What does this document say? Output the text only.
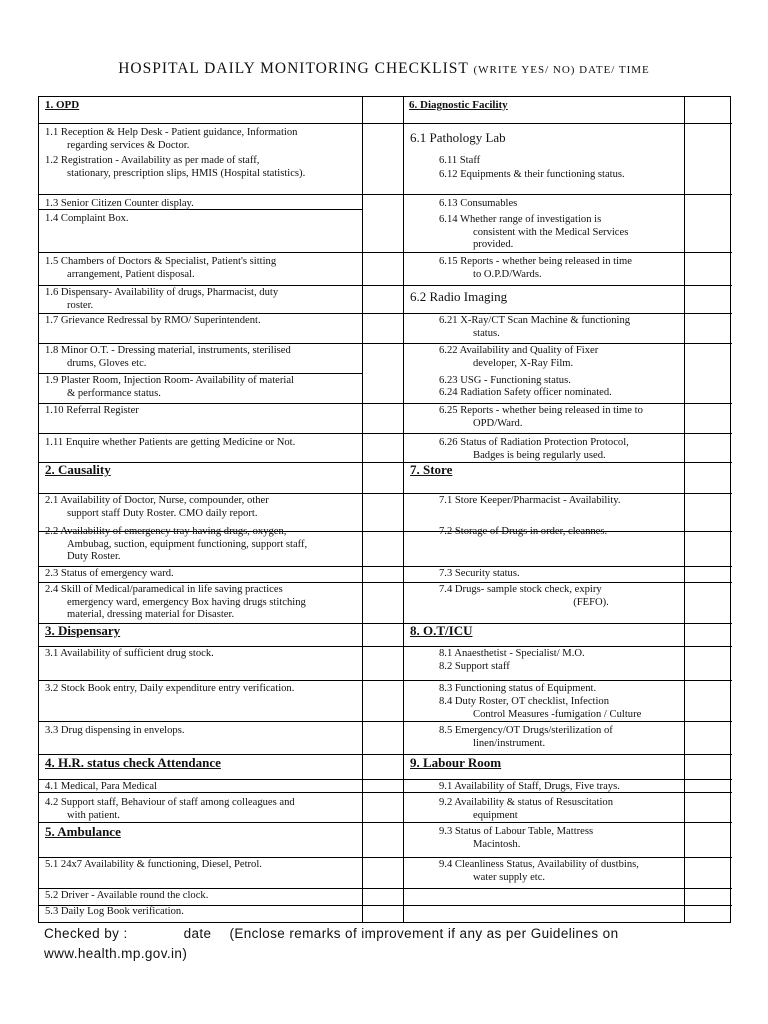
HOSPITAL DAILY MONITORING CHECKLIST (WRITE YES/ NO) DATE/ TIME
1. OPD
1.1 Reception & Help Desk - Patient guidance, Information
regarding services & Doctor.
1.2 Registration - Availability as per made of staff,
stationary, prescription slips, HMIS (Hospital statistics).
1.3 Senior Citizen Counter display.
1.4 Complaint Box.
1.5 Chambers of Doctors & Specialist, Patient's sitting
arrangement, Patient disposal.
1.6 Dispensary- Availability of drugs, Pharmacist, duty
roster.
1.7 Grievance Redressal by RMO/ Superintendent.
1.8 Minor O.T. - Dressing material, instruments, sterilised
drums, Gloves etc.
1.9 Plaster Room, Injection Room- Availability of material
& performance status.
1.10 Referral Register
1.11 Enquire whether Patients are getting Medicine or Not.
2. Causality
2.1 Availability of Doctor, Nurse, compounder, other
support staff Duty Roster. CMO daily report.
2.2 Availability of emergency tray having drugs, oxygen,
Ambubag, suction, equipment functioning, support staff,
Duty Roster.
2.3 Status of emergency ward.
2.4 Skill of Medical/paramedical in life saving practices
emergency ward, emergency Box having drugs stitching
material, dressing material for Disaster.
3. Dispensary
3.1 Availability of sufficient drug stock.
3.2 Stock Book entry, Daily expenditure entry verification.
3.3 Drug dispensing in envelops.
4. H.R. status check Attendance
4.1 Medical, Para Medical
4.2 Support staff, Behaviour of staff among colleagues and
with patient.
5. Ambulance
5.1 24x7 Availability & functioning, Diesel, Petrol.
5.2 Driver - Available round the clock.
5.3 Daily Log Book verification.
6. Diagnostic Facility
6.1 Pathology Lab
6.11 Staff
6.12 Equipments & their functioning status.
6.13 Consumables
6.14 Whether range of investigation is
consistent with the Medical Services
provided.
6.15 Reports - whether being released in time
to O.P.D/Wards.
6.2 Radio Imaging
6.21 X-Ray/CT Scan Machine & functioning
status.
6.22 Availability and Quality of Fixer
developer, X-Ray Film.
6.23 USG - Functioning status.
6.24 Radiation Safety officer nominated.
6.25 Reports - whether being released in time to
OPD/Ward.
6.26 Status of Radiation Protection Protocol,
Badges is being regularly used.
7. Store
7.1 Store Keeper/Pharmacist - Availability.
7.2 Storage of Drugs in order, cleannes.
7.3 Security status.
7.4 Drugs- sample stock check, expiry
(FEFO).
8. O.T/ICU
8.1 Anaesthetist - Specialist/ M.O.
8.2 Support staff
8.3 Functioning status of Equipment.
8.4 Duty Roster, OT checklist, Infection
Control Measures -fumigation / Culture
8.5 Emergency/OT Drugs/sterilization of
linen/instrument.
9. Labour Room
9.1 Availability of Staff, Drugs, Five trays.
9.2 Availability & status of Resuscitation
equipment
9.3 Status of Labour Table, Mattress
Macintosh.
9.4 Cleanliness Status, Availability of dustbins,
water supply etc.
Checked by :	date (Enclose remarks of improvement if any as per Guidelines on
www.health.mp.gov.in)
